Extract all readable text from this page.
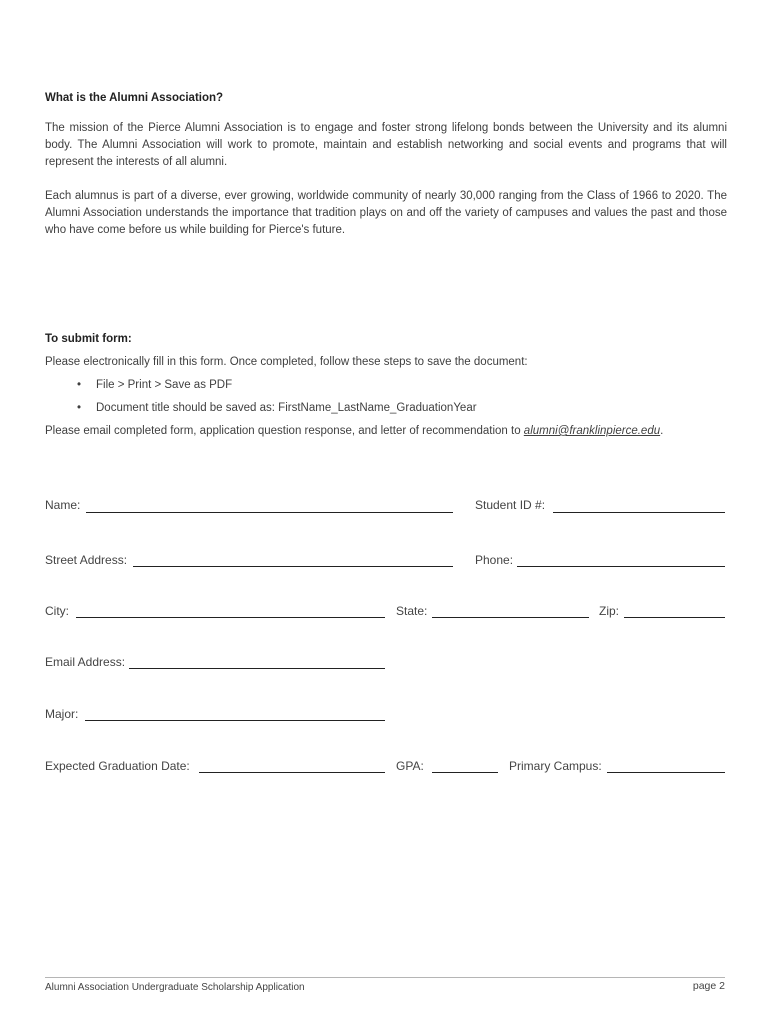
What is the Alumni Association?
The mission of the Pierce Alumni Association is to engage and foster strong lifelong bonds between the University and its alumni body. The Alumni Association will work to promote, maintain and establish networking and social events and programs that will represent the interests of all alumni.
Each alumnus is part of a diverse, ever growing, worldwide community of nearly 30,000 ranging from the Class of 1966 to 2020. The Alumni Association understands the importance that tradition plays on and off the variety of campuses and values the past and those who have come before us while building for Pierce's future.
To submit form:
Please electronically fill in this form. Once completed, follow these steps to save the document:
• File > Print > Save as PDF
• Document title should be saved as: FirstName_LastName_GraduationYear
Please email completed form, application question response, and letter of recommendation to alumni@franklinpierce.edu.
Name:	Student ID #:
Street Address:	Phone:
City:	State:	Zip:
Email Address:
Major:
Expected Graduation Date:	GPA:	Primary Campus:
Alumni Association Undergraduate Scholarship Application	page 2
